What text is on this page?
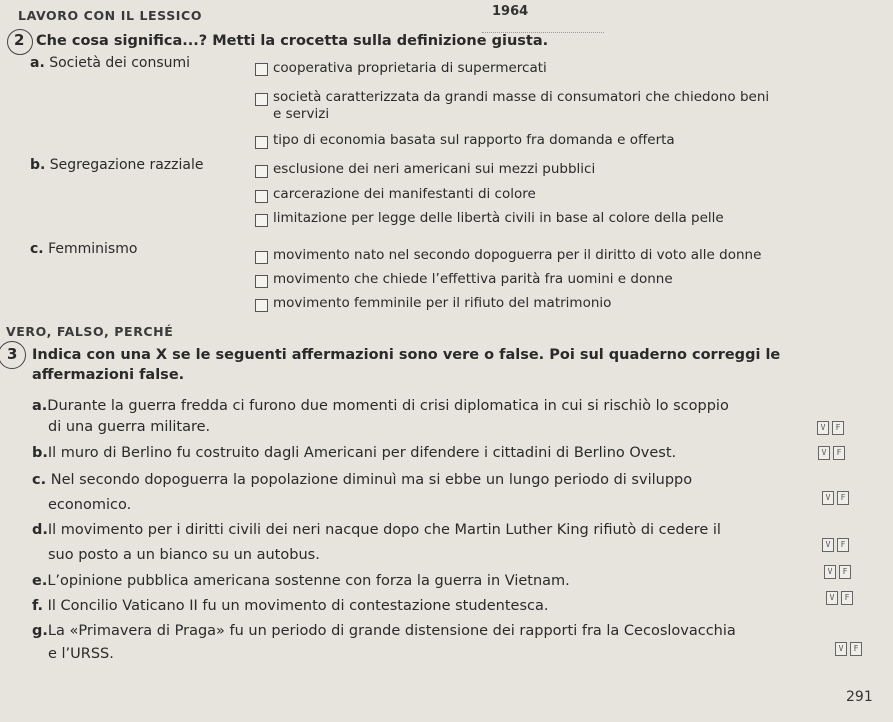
LAVORO CON IL LESSICO	1964
2 Che cosa significa...? Metti la crocetta sulla definizione giusta.
a. Società dei consumi	cooperativa proprietaria di supermercati
società caratterizzata da grandi masse di consumatori che chiedono beni
e servizi
tipo di economia basata sul rapporto fra domanda e offerta
b. Segregazione razziale	esclusione dei neri americani sui mezzi pubblici
carcerazione dei manifestanti di colore
limitazione per legge delle libertà civili in base al colore della pelle
c. Femminismo	movimento nato nel secondo dopoguerra per il diritto di voto alle donne
movimento che chiede l’effettiva parità fra uomini e donne
movimento femminile per il rifiuto del matrimonio
VERO, FALSO, PERCHÉ
3 Indica con una X se le seguenti affermazioni sono vere o false. Poi sul quaderno correggi le
affermazioni false.
a.Durante la guerra fredda ci furono due momenti di crisi diplomatica in cui si rischiò lo scoppio
di una guerra militare.	V	F
b.Il muro di Berlino fu costruito dagli Americani per difendere i cittadini di Berlino Ovest.	V	F
c. Nel secondo dopoguerra la popolazione diminuì ma si ebbe un lungo periodo di sviluppo
economico.	V	F
d.Il movimento per i diritti civili dei neri nacque dopo che Martin Luther King rifiutò di cedere il
suo posto a un bianco su un autobus.
V	F
e.L’opinione pubblica americana sostenne con forza la guerra in Vietnam.
V	F
f. Il Concilio Vaticano II fu un movimento di contestazione studentesca.
V	F
g.La «Primavera di Praga» fu un periodo di grande distensione dei rapporti fra la Cecoslovacchia
e l’URSS.	V	F
291
